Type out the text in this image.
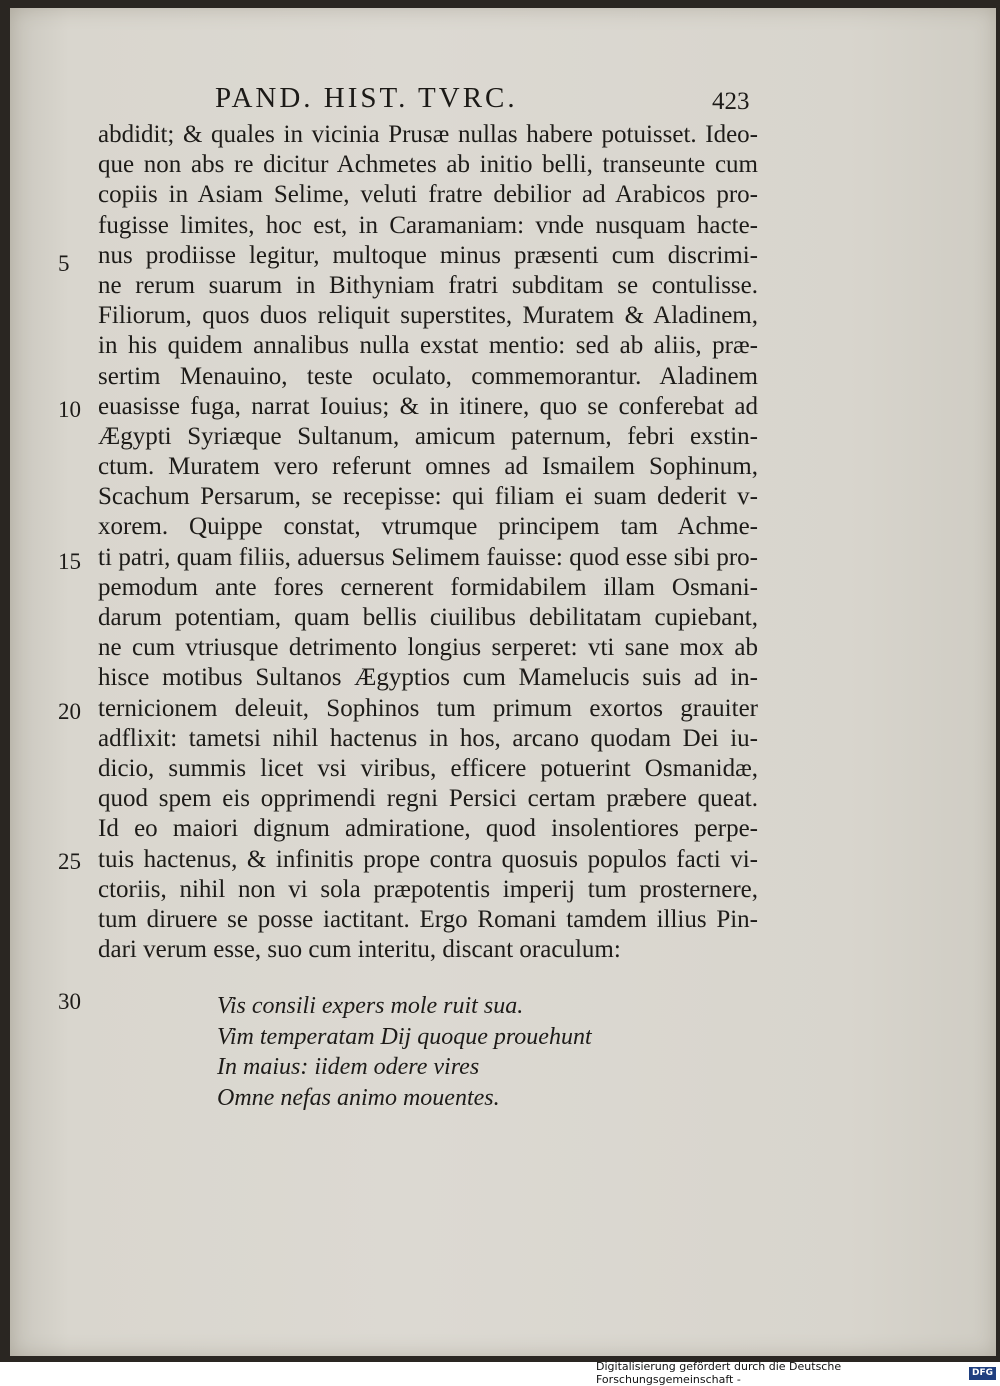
PAND. HIST. TVRC.	423
abdidit; & quales in vicinia Prusæ nullas habere potuisset. Ideo-
que non abs re dicitur Achmetes ab initio belli, transeunte cum
copiis in Asiam Selime, veluti fratre debilior ad Arabicos pro-
fugisse limites, hoc est, in Caramaniam: vnde nusquam hacte-
nus prodiisse legitur, multoque minus præsenti cum discrimi-
ne rerum suarum in Bithyniam fratri subditam se contulisse.
Filiorum, quos duos reliquit superstites, Muratem & Aladinem,
in his quidem annalibus nulla exstat mentio: sed ab aliis, præ-
sertim Menauino, teste oculato, commemorantur. Aladinem
euasisse fuga, narrat Iouius; & in itinere, quo se conferebat ad
Ægypti Syriæque Sultanum, amicum paternum, febri exstin-
ctum. Muratem vero referunt omnes ad Ismailem Sophinum,
Scachum Persarum, se recepisse: qui filiam ei suam dederit v-
xorem. Quippe constat, vtrumque principem tam Achme-
ti patri, quam filiis, aduersus Selimem fauisse: quod esse sibi pro-
pemodum ante fores cernerent formidabilem illam Osmani-
darum potentiam, quam bellis ciuilibus debilitatam cupiebant,
ne cum vtriusque detrimento longius serperet: vti sane mox ab
hisce motibus Sultanos Ægyptios cum Mamelucis suis ad in-
ternicionem deleuit, Sophinos tum primum exortos grauiter
adflixit: tametsi nihil hactenus in hos, arcano quodam Dei iu-
dicio, summis licet vsi viribus, efficere potuerint Osmanidæ,
quod spem eis opprimendi regni Persici certam præbere queat.
Id eo maiori dignum admiratione, quod insolentiores perpe-
tuis hactenus, & infinitis prope contra quosuis populos facti vi-
ctoriis, nihil non vi sola præpotentis imperij tum prosternere,
tum diruere se posse iactitant. Ergo Romani tamdem illius Pin-
dari verum esse, suo cum interitu, discant oraculum:
5
10
15
20
25
30	Vis consili expers mole ruit sua.
Vim temperatam Dij quoque prouehunt
In maius: iidem odere vires
Omne nefas animo mouentes.
Digitalisierung gefördert durch die Deutsche Forschungsgemeinschaft -
DFG
